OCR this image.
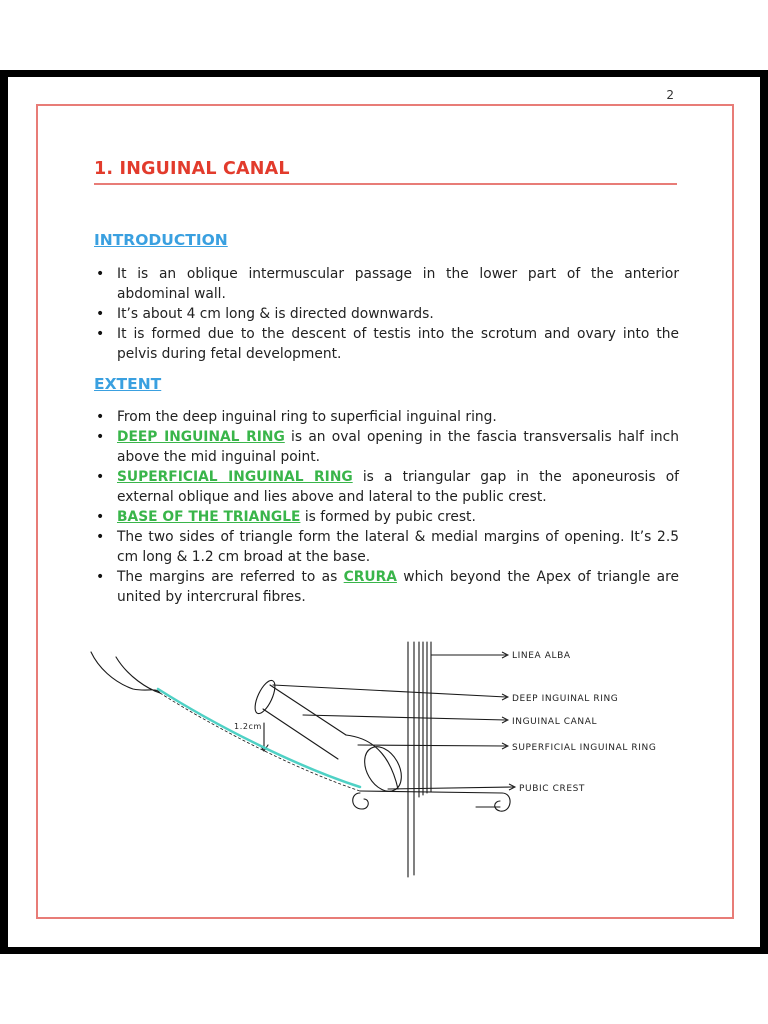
2
1. INGUINAL CANAL
INTRODUCTION
• It is an oblique intermuscular passage in the lower part of the anterior abdominal wall.
• It’s about 4 cm long & is directed downwards.
• It is formed due to the descent of testis into the scrotum and ovary into the pelvis during fetal development.
EXTENT
• From the deep inguinal ring to superficial inguinal ring.
• DEEP INGUINAL RING is an oval opening in the fascia transversalis half inch above the mid inguinal point.
• SUPERFICIAL INGUINAL RING is a triangular gap in the aponeurosis of external oblique and lies above and lateral to the public crest.
• BASE OF THE TRIANGLE is formed by pubic crest.
• The two sides of triangle form the lateral & medial margins of opening. It’s 2.5 cm long & 1.2 cm broad at the base.
• The margins are referred to as CRURA which beyond the Apex of triangle are united by intercrural fibres.
LINEA ALBA
DEEP INGUINAL RING
INGUINAL CANAL
SUPERFICIAL INGUINAL RING
PUBIC CREST
1.2cm
